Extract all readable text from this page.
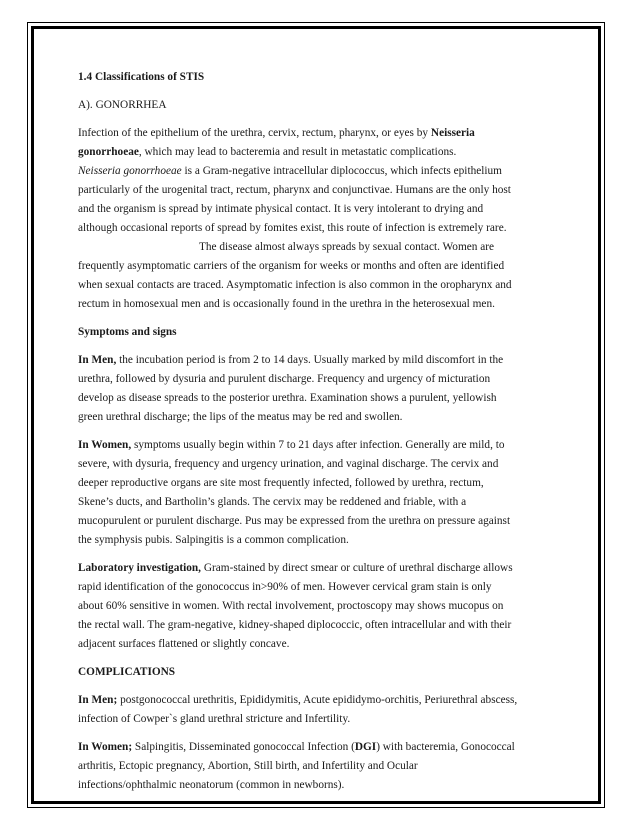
1.4 Classifications of STIS

A). GONORRHEA

Infection of the epithelium of the urethra, cervix, rectum, pharynx, or eyes by Neisseria
gonorrhoeae, which may lead to bacteremia and result in metastatic complications.
Neisseria gonorrhoeae is a Gram-negative intracellular diplococcus, which infects epithelium
particularly of the urogenital tract, rectum, pharynx and conjunctivae. Humans are the only host
and the organism is spread by intimate physical contact. It is very intolerant to drying and
although occasional reports of spread by fomites exist, this route of infection is extremely rare.
The disease almost always spreads by sexual contact. Women are
frequently asymptomatic carriers of the organism for weeks or months and often are identified
when sexual contacts are traced. Asymptomatic infection is also common in the oropharynx and
rectum in homosexual men and is occasionally found in the urethra in the heterosexual men.

Symptoms and signs

In Men, the incubation period is from 2 to 14 days. Usually marked by mild discomfort in the
urethra, followed by dysuria and purulent discharge. Frequency and urgency of micturation
develop as disease spreads to the posterior urethra. Examination shows a purulent, yellowish
green urethral discharge; the lips of the meatus may be red and swollen.

In Women, symptoms usually begin within 7 to 21 days after infection. Generally are mild, to
severe, with dysuria, frequency and urgency urination, and vaginal discharge. The cervix and
deeper reproductive organs are site most frequently infected, followed by urethra, rectum,
Skene’s ducts, and Bartholin’s glands. The cervix may be reddened and friable, with a
mucopurulent or purulent discharge. Pus may be expressed from the urethra on pressure against
the symphysis pubis. Salpingitis is a common complication.

Laboratory investigation, Gram-stained by direct smear or culture of urethral discharge allows
rapid identification of the gonococcus in>90% of men. However cervical gram stain is only
about 60% sensitive in women. With rectal involvement, proctoscopy may shows mucopus on
the rectal wall. The gram-negative, kidney-shaped diplococcic, often intracellular and with their
adjacent surfaces flattened or slightly concave.

COMPLICATIONS

In Men; postgonococcal urethritis, Epididymitis, Acute epididymo-orchitis, Periurethral abscess,
infection of Cowper`s gland urethral stricture and Infertility.

In Women; Salpingitis, Disseminated gonococcal Infection (DGI) with bacteremia, Gonococcal
arthritis, Ectopic pregnancy, Abortion, Still birth, and Infertility and Ocular
infections/ophthalmic neonatorum (common in newborns).
